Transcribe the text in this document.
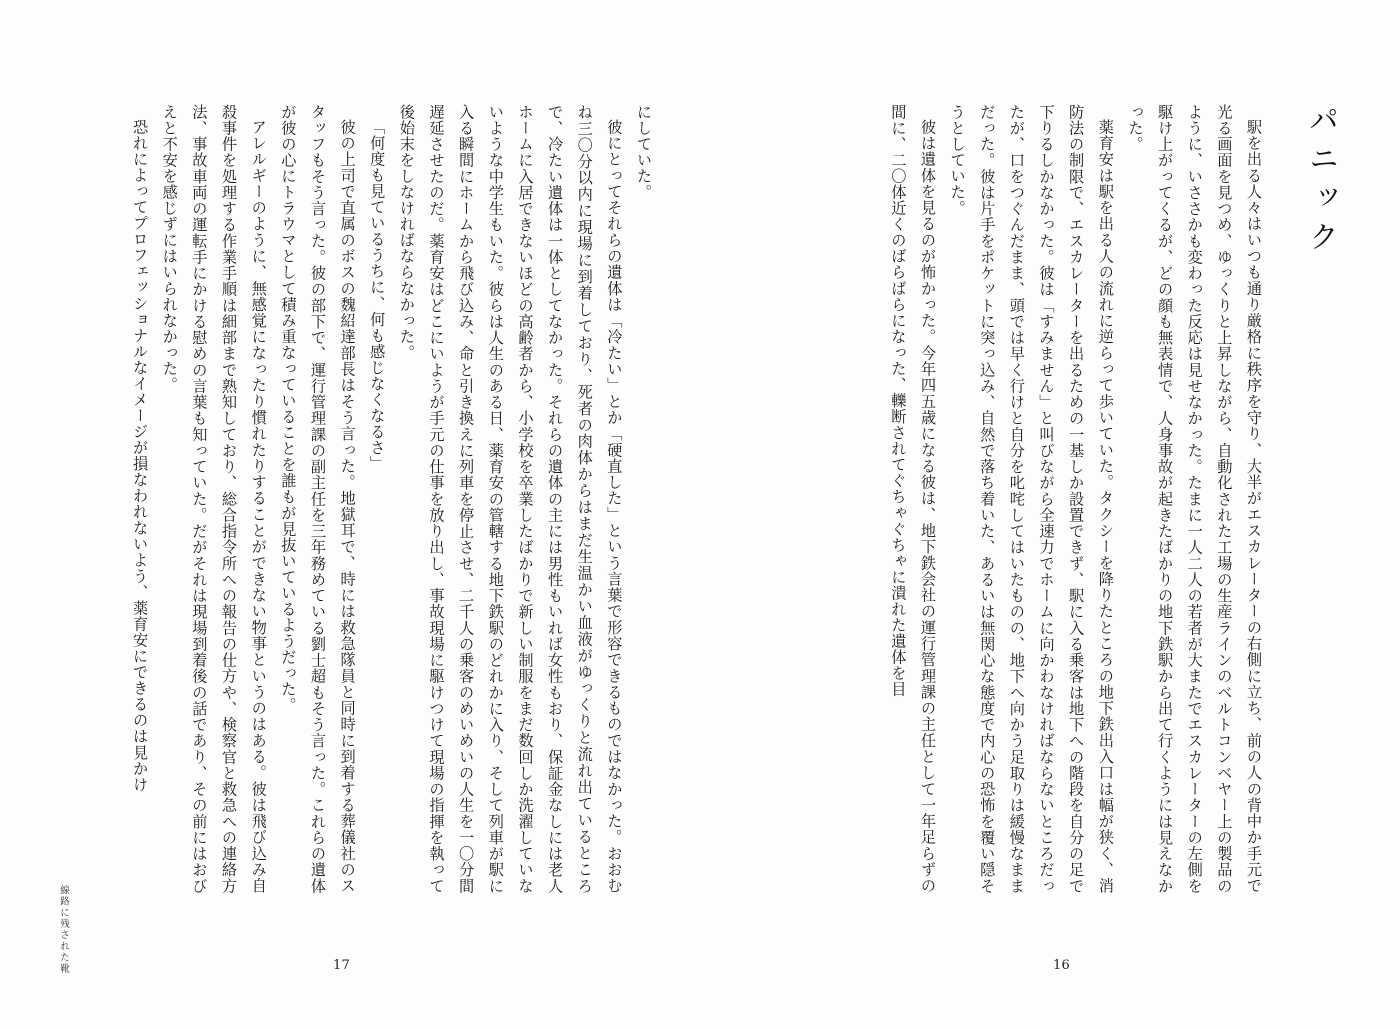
にしていた。
彼にとってそれらの遺体は「冷たい」とか「硬直した」という言葉で形容できるものではなかった。おおむね三〇分以内に現場に到着しており、死者の肉体からはまだ生温かい血液がゆっくりと流れ出ているところで、冷たい遺体は一体としてなかった。それらの遺体の主には男性もいれば女性もおり、保証金なしには老人ホームに入居できないほどの高齢者から、小学校を卒業したばかりで新しい制服をまだ数回しか洗濯していないような中学生もいた。彼らは人生のある日、薬育安の管轄する地下鉄駅のどれかに入り、そして列車が駅に入る瞬間にホームから飛び込み、命と引き換えに列車を停止させ、二千人の乗客のめいめいの人生を一〇分間遅延させたのだ。薬育安はどこにいようが手元の仕事を放り出し、事故現場に駆けつけて現場の指揮を執って後始末をしなければならなかった。
「何度も見ているうちに、何も感じなくなるさ」
彼の上司で直属のボスの魏紹達部長はそう言った。地獄耳で、時には救急隊員と同時に到着する葬儀社のスタッフもそう言った。彼の部下で、運行管理課の副主任を三年務めている劉士超もそう言った。これらの遺体が彼の心にトラウマとして積み重なっていることを誰もが見抜いているようだった。
アレルギーのように、無感覚になったり慣れたりすることができない物事というのはある。彼は飛び込み自殺事件を処理する作業手順は細部まで熟知しており、総合指令所への報告の仕方や、検察官と救急への連絡方法、事故車両の運転手にかける慰めの言葉も知っていた。だがそれは現場到着後の話であり、その前にはおびえと不安を感じずにはいられなかった。
恐れによってプロフェッショナルなイメージが損なわれないよう、薬育安にできるのは見かけ
17
線路に残された靴
駅を出る人々はいつも通り厳格に秩序を守り、大半がエスカレーターの右側に立ち、前の人の背中か手元で光る画面を見つめ、ゆっくりと上昇しながら、自動化された工場の生産ラインのベルトコンベヤー上の製品のように、いささかも変わった反応は見せなかった。たまに一人二人の若者が大またでエスカレーターの左側を駆け上がってくるが、どの顔も無表情で、人身事故が起きたばかりの地下鉄駅から出て行くようには見えなかった。
薬育安は駅を出る人の流れに逆らって歩いていた。タクシーを降りたところの地下鉄出入口は幅が狭く、消防法の制限で、エスカレーターを出るための一基しか設置できず、駅に入る乗客は地下への階段を自分の足で下りるしかなかった。彼は「すみません」と叫びながら全速力でホームに向かわなければならないところだったが、口をつぐんだまま、頭では早く行けと自分を叱咤してはいたものの、地下へ向かう足取りは緩慢なままだった。彼は片手をポケットに突っ込み、自然で落ち着いた、あるいは無関心な態度で内心の恐怖を覆い隠そうとしていた。
彼は遺体を見るのが怖かった。今年四五歳になる彼は、地下鉄会社の運行管理課の主任として一年足らずの間に、二〇体近くのばらばらになった、轢断されてぐちゃぐちゃに潰れた遺体を目	パニック
16
